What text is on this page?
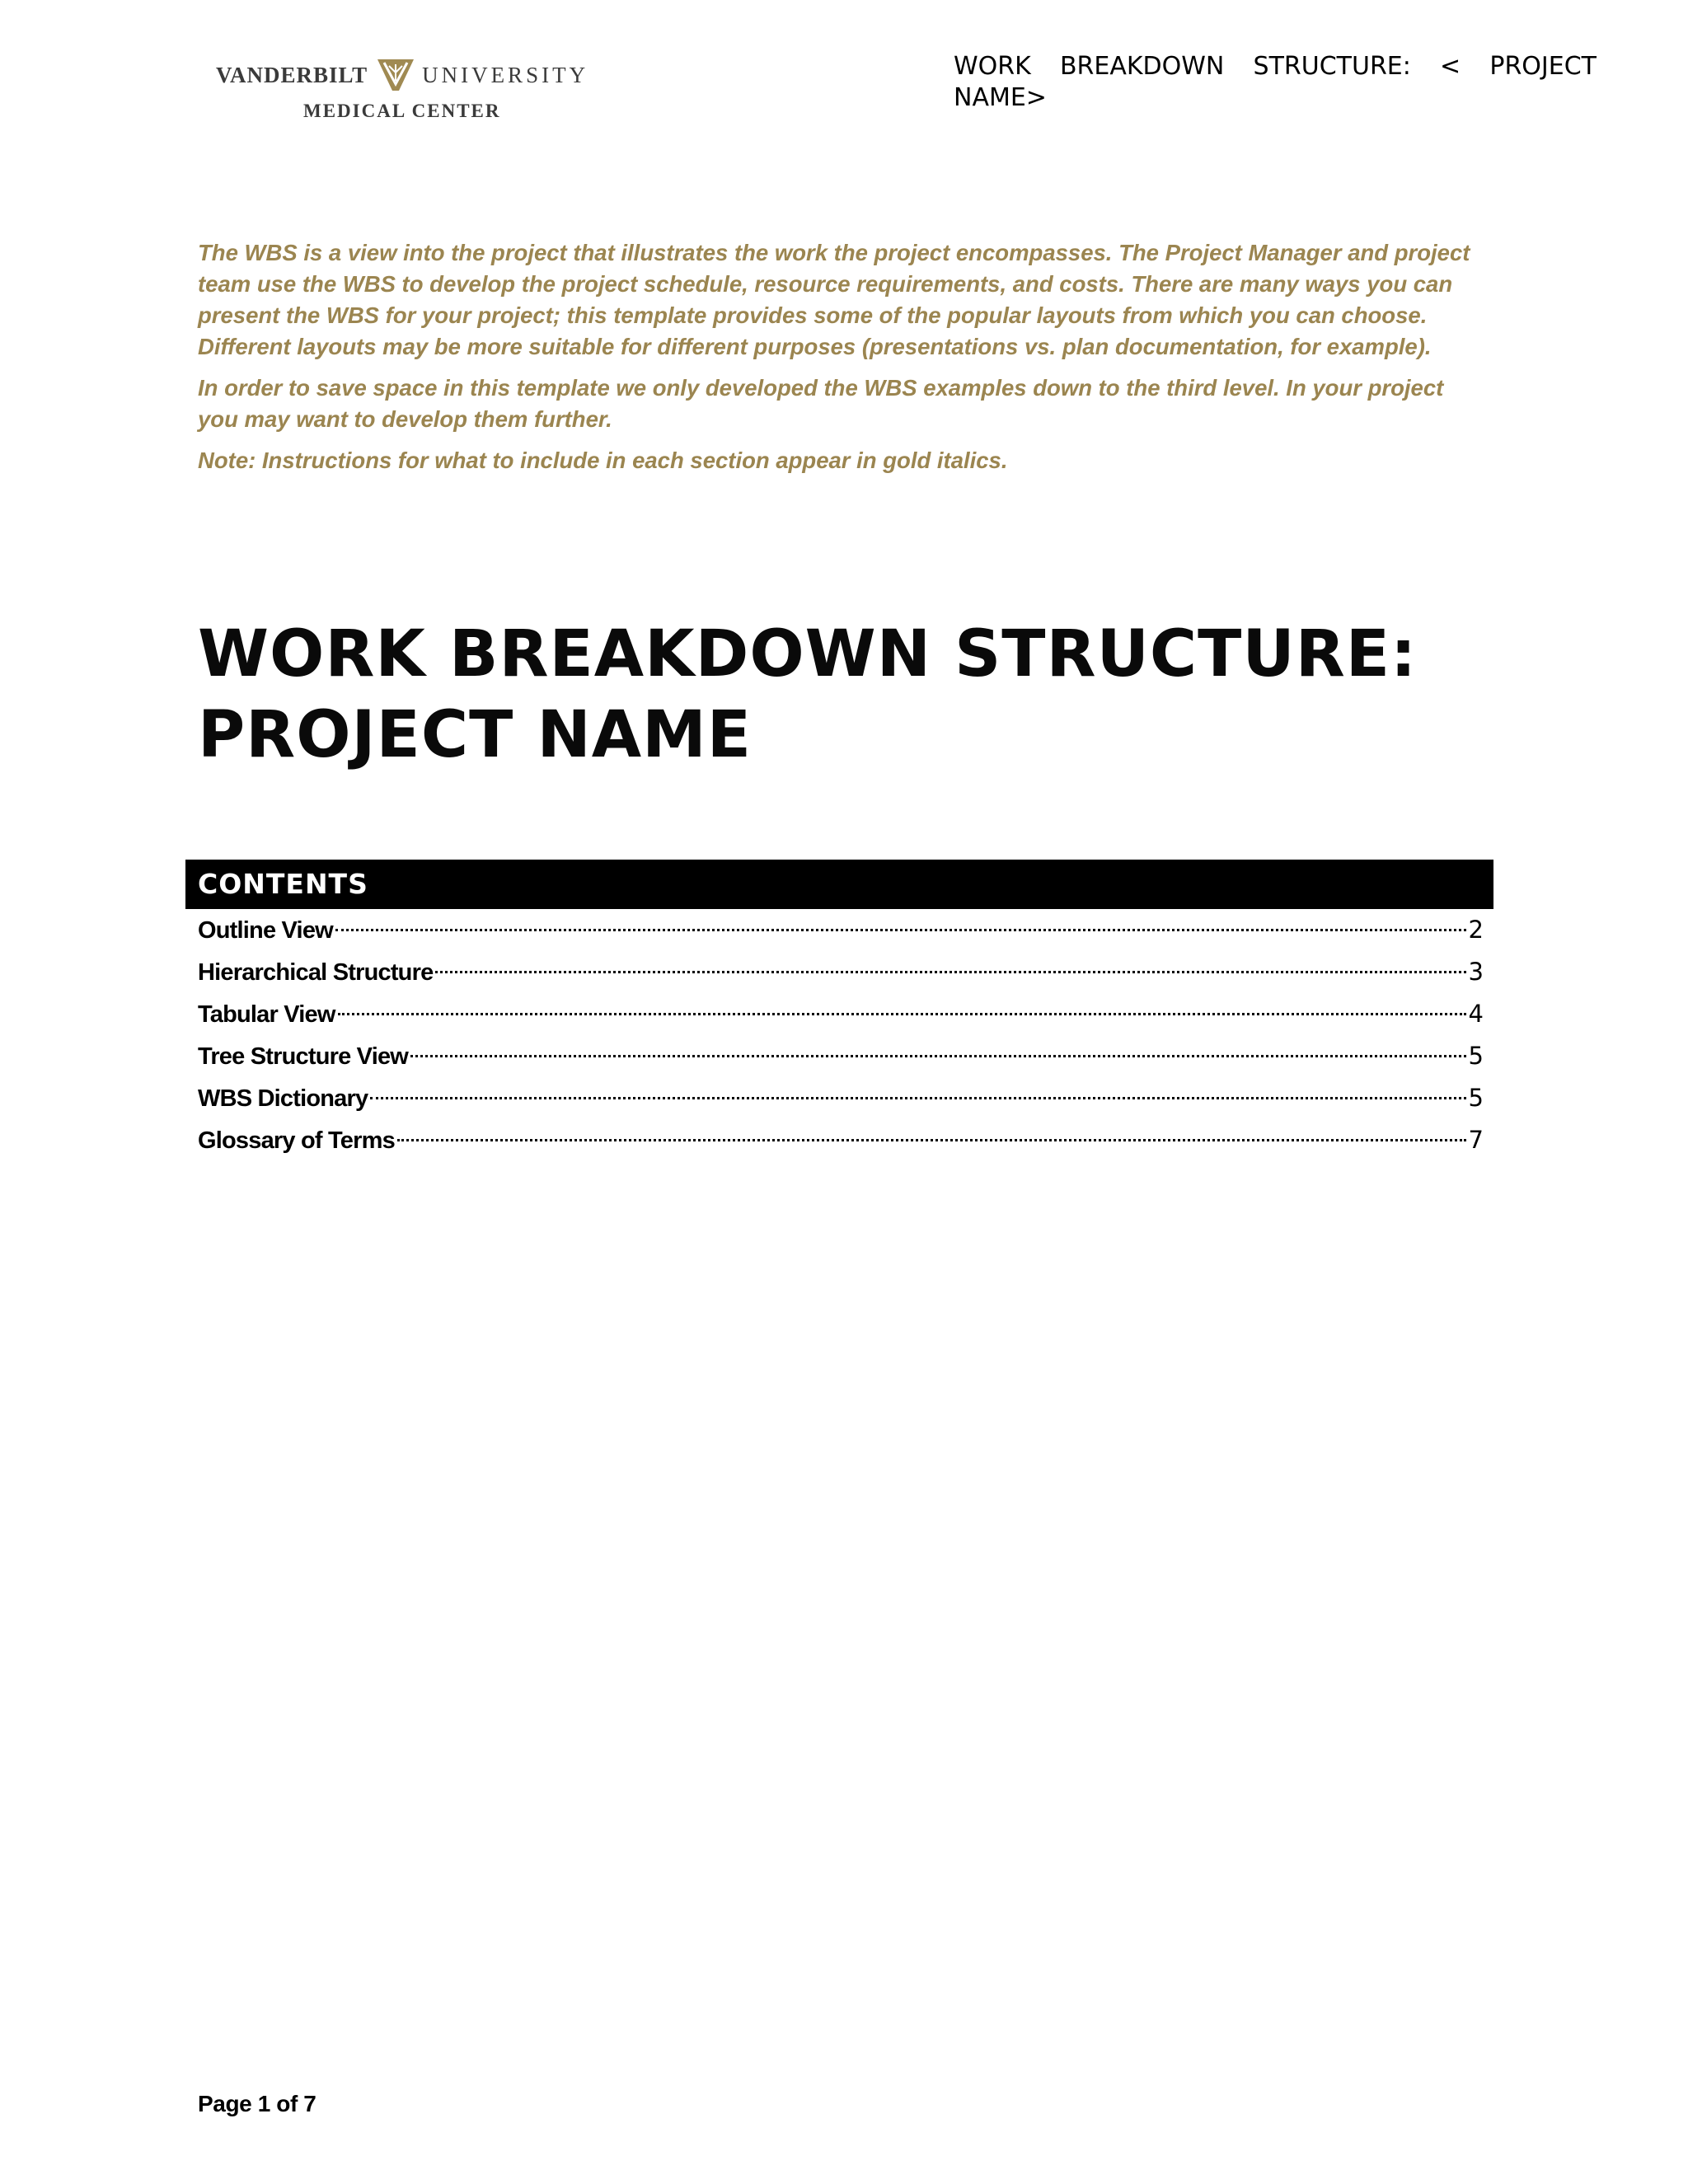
VANDERBILT UNIVERSITY
MEDICAL CENTER
WORK BREAKDOWN STRUCTURE: < PROJECT NAME>

The WBS is a view into the project that illustrates the work the project encompasses. The Project Manager and project team use the WBS to develop the project schedule, resource requirements, and costs. There are many ways you can present the WBS for your project; this template provides some of the popular layouts from which you can choose. Different layouts may be more suitable for different purposes (presentations vs. plan documentation, for example).

In order to save space in this template we only developed the WBS examples down to the third level. In your project you may want to develop them further.

Note: Instructions for what to include in each section appear in gold italics.

WORK BREAKDOWN STRUCTURE:
PROJECT NAME
CONTENTS
Outline View	2
Hierarchical Structure	3
Tabular View	4
Tree Structure View	5
WBS Dictionary	5
Glossary of Terms	7
Page 1 of 7
